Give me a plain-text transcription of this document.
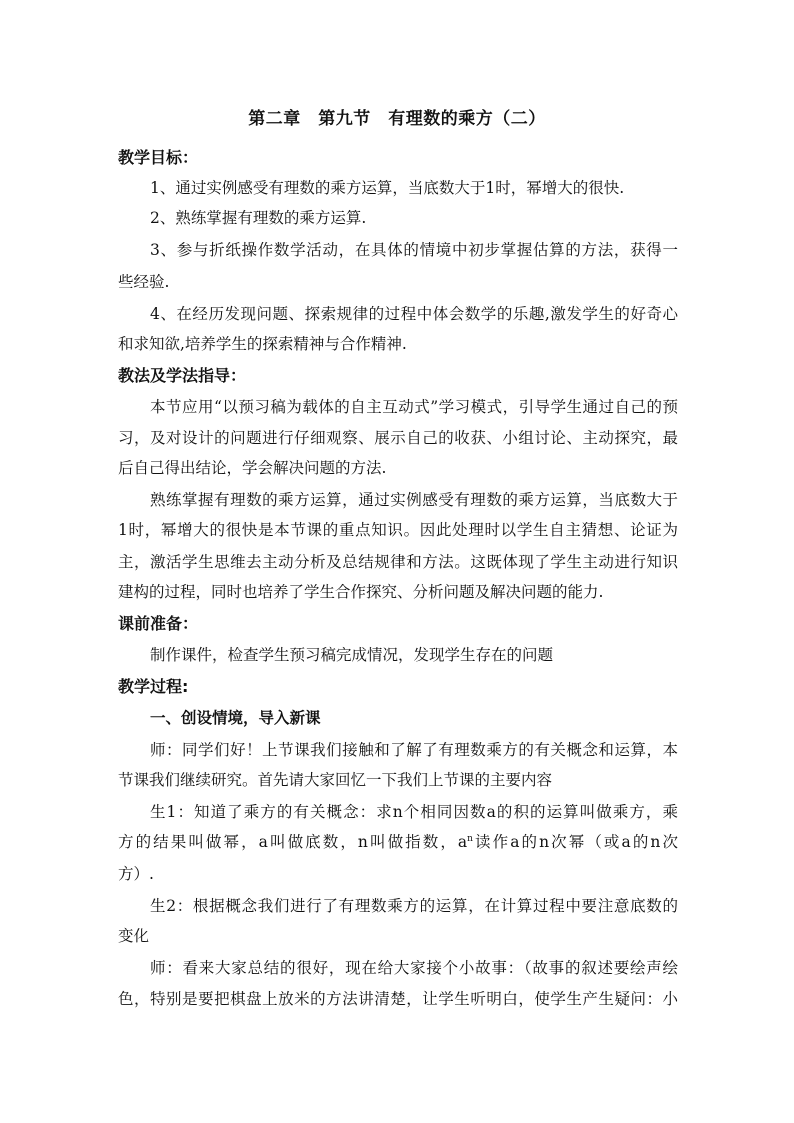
第二章　第九节　有理数的乘方（二）
教学目标：
1、通过实例感受有理数的乘方运算，当底数大于1时，幂增大的很快.
2、熟练掌握有理数的乘方运算.
3、参与折纸操作数学活动，在具体的情境中初步掌握估算的方法，获得一
些经验.
4、在经历发现问题、探索规律的过程中体会数学的乐趣,激发学生的好奇心
和求知欲,培养学生的探索精神与合作精神.
教法及学法指导：
本节应用“以预习稿为载体的自主互动式”学习模式，引导学生通过自己的预
习，及对设计的问题进行仔细观察、展示自己的收获、小组讨论、主动探究，最
后自己得出结论，学会解决问题的方法.
熟练掌握有理数的乘方运算，通过实例感受有理数的乘方运算，当底数大于
1时，幂增大的很快是本节课的重点知识。因此处理时以学生自主猜想、论证为
主，激活学生思维去主动分析及总结规律和方法。这既体现了学生主动进行知识
建构的过程，同时也培养了学生合作探究、分析问题及解决问题的能力.
课前准备：
制作课件，检查学生预习稿完成情况，发现学生存在的问题
教学过程:
一、创设情境，导入新课
师：同学们好！上节课我们接触和了解了有理数乘方的有关概念和运算，本
节课我们继续研究。首先请大家回忆一下我们上节课的主要内容
生1：知道了乘方的有关概念：求n个相同因数a的积的运算叫做乘方，乘
方的结果叫做幂，a叫做底数，n叫做指数，$a^n$读作a的n次幂（或a的n次
方）.
生2：根据概念我们进行了有理数乘方的运算，在计算过程中要注意底数的
变化
师：看来大家总结的很好，现在给大家接个小故事：（故事的叙述要绘声绘
色，特别是要把棋盘上放米的方法讲清楚，让学生听明白，使学生产生疑问：小
